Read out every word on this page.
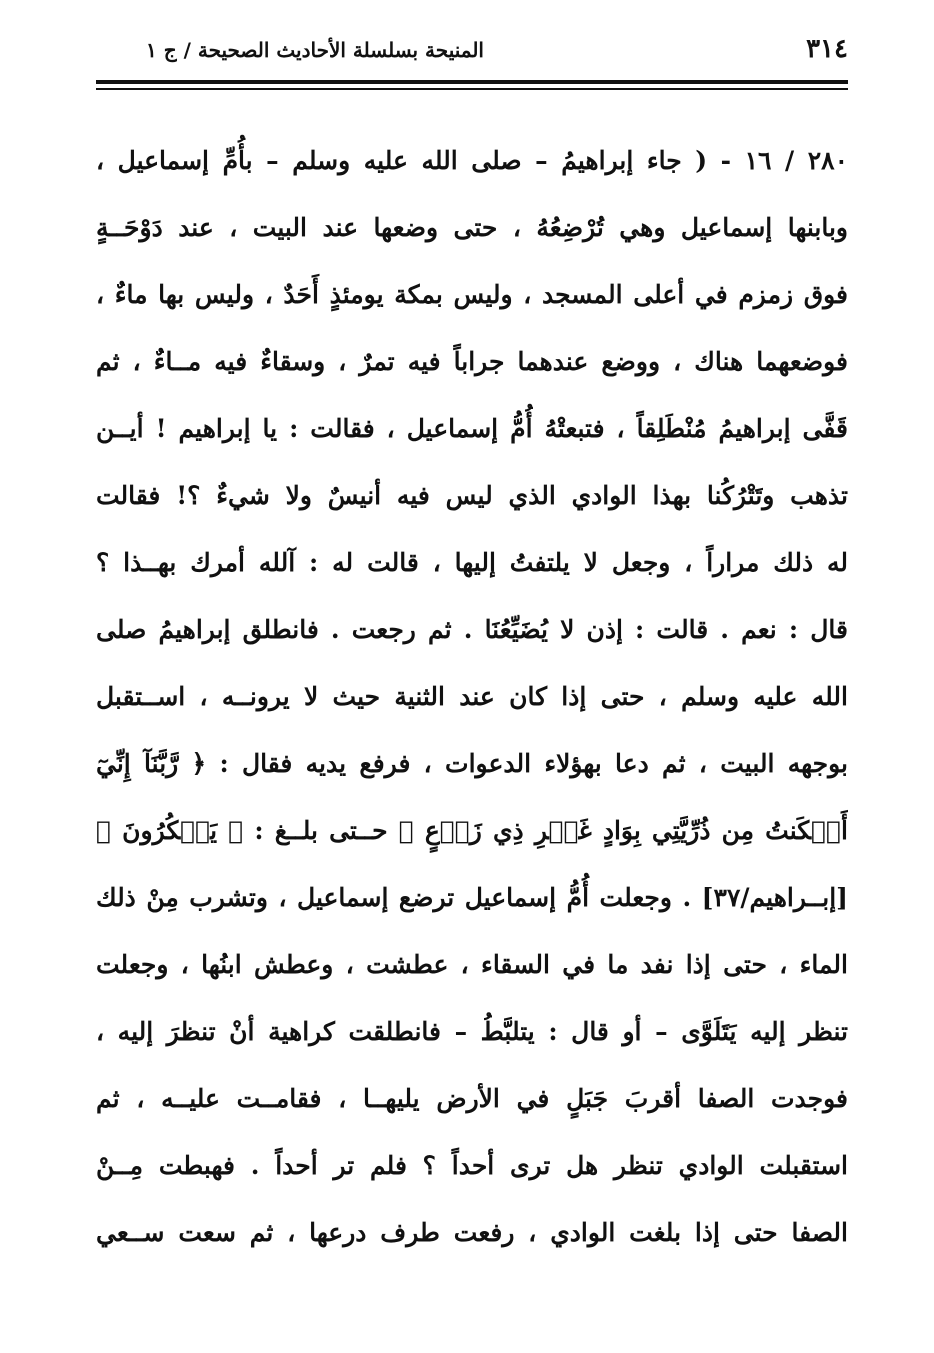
٣١٤
المنيحة بسلسلة الأحاديث الصحيحة / ج ١
٢٨٠ / ١٦ - ( جاء إبراهيمُ – صلى الله عليه وسلم – بأُمِّ إسماعيل ،
وبابنها إسماعيل وهي تُرْضِعُهُ ، حتى وضعها عند البيت ، عند دَوْحَــةٍ
فوق زمزم في أعلى المسجد ، وليس بمكة يومئذٍ أَحَدٌ ، وليس بها ماءٌ ،
فوضعهما هناك ، ووضع عندهما جراباً فيه تمرٌ ، وسقاءٌ فيه مــاءٌ ، ثم
قَفَّى إبراهيمُ مُنْطَلِقاً ، فتبعتْهُ أُمُّ إسماعيل ، فقالت : يا إبراهيم ! أيــن
تذهب وتَتْرُكُنا بهذا الوادي الذي ليس فيه أنيسٌ ولا شيءٌ ؟! فقالت
له ذلك مراراً ، وجعل لا يلتفتُ إليها ، قالت له : آلله أمرك بهــذا ؟
قال : نعم . قالت : إذن لا يُضَيِّعُنَا . ثم رجعت . فانطلق إبراهيمُ صلى
الله عليه وسلم ، حتى إذا كان عند الثنية حيث لا يرونــه ، اســتقبل
بوجهه البيت ، ثم دعا بهؤلاء الدعوات ، فرفع يديه فقال : ﴿ رَّبَّنَآ إِنِّيٓ
أَسۡكَنتُ مِن ذُرِّيَّتِي بِوَادٍ غَيۡرِ ذِي زَرۡعٍ ﴾ حــتى بلــغ : ﴿ يَشۡكُرُونَ ﴾
[إبــراهيم/٣٧] . وجعلت أُمُّ إسماعيل ترضع إسماعيل ، وتشرب مِنْ ذلك
الماء ، حتى إذا نفد ما في السقاء ، عطشت ، وعطش ابنُها ، وجعلت
تنظر إليه يَتَلَوَّى – أو قال : يتلبَّطُ – فانطلقت كراهية أنْ تنظرَ إليه ،
فوجدت الصفا أقربَ جَبَلٍ في الأرض يليهــا ، فقامــت عليــه ، ثم
استقبلت الوادي تنظر هل ترى أحداً ؟ فلم تر أحداً . فهبطت مِــنْ
الصفا حتى إذا بلغت الوادي ، رفعت طرف درعها ، ثم سعت ســعي
